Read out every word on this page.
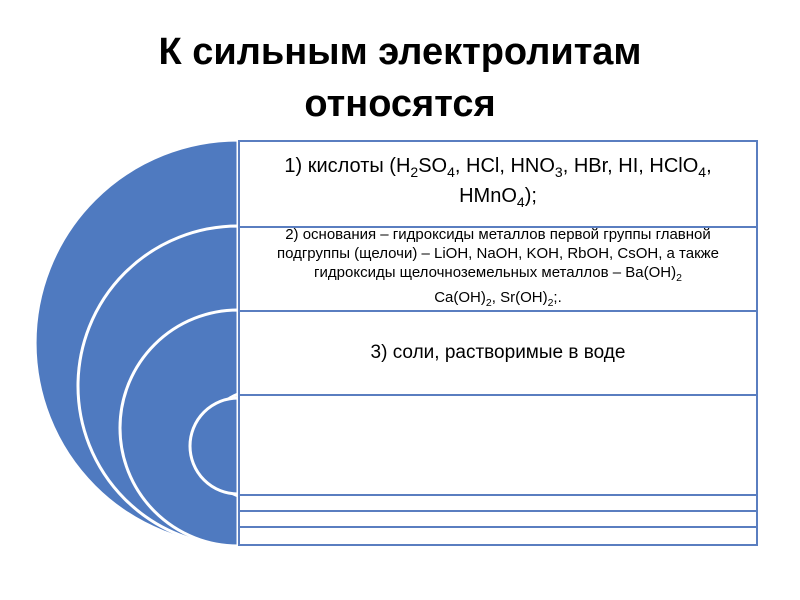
К сильным электролитам
относятся
1) кислоты ($H_2SO_4$, HCl, $HNO_3$, HBr, HI, HClO$_4$, HMnO$_4$);
2) основания – гидроксиды металлов первой группы главной
подгруппы (щелочи) – LiOH, NaOH, KOH, RbOH, CsOH, а также
гидроксиды щелочноземельных металлов – $Ba(OH)_2$
$Ca(OH)_2$, $Sr(OH)_2$;.
3) соли, растворимые в воде
